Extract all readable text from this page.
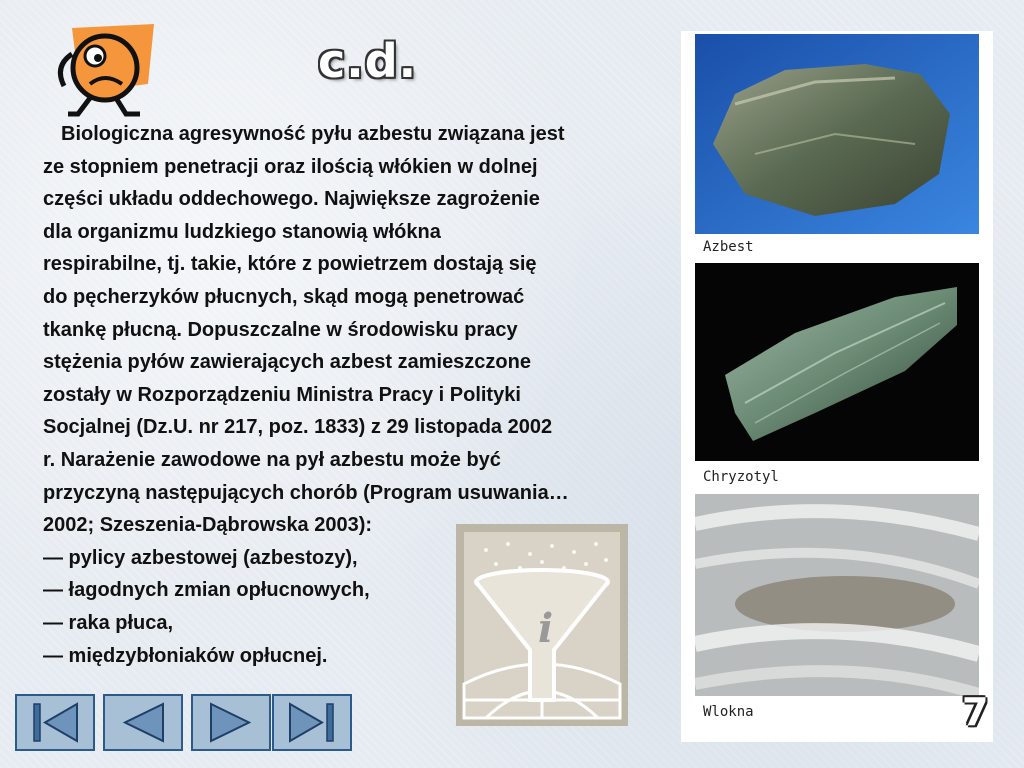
c.d.

Biologiczna agresywność pyłu azbestu związana jest

ze stopniem penetracji oraz ilością włókien w dolnej

części układu oddechowego. Największe zagrożenie

dla organizmu ludzkiego stanowią włókna

respirabilne, tj. takie, które z powietrzem dostają się

do pęcherzyków płucnych, skąd mogą penetrować

tkankę płucną. Dopuszczalne w środowisku pracy

stężenia pyłów zawierających azbest zamieszczone

zostały w Rozporządzeniu Ministra Pracy i Polityki

Socjalnej (Dz.U. nr 217, poz. 1833) z 29 listopada 2002

r. Narażenie zawodowe na pył azbestu może być

przyczyną następujących chorób (Program usuwania…

2002; Szeszenia-Dąbrowska 2003):

— pylicy azbestowej (azbestozy),

— łagodnych zmian opłucnowych,

— raka płuca,

— międzybłoniaków opłucnej.

i
Azbest
Chryzotyl
Wlokna	7
